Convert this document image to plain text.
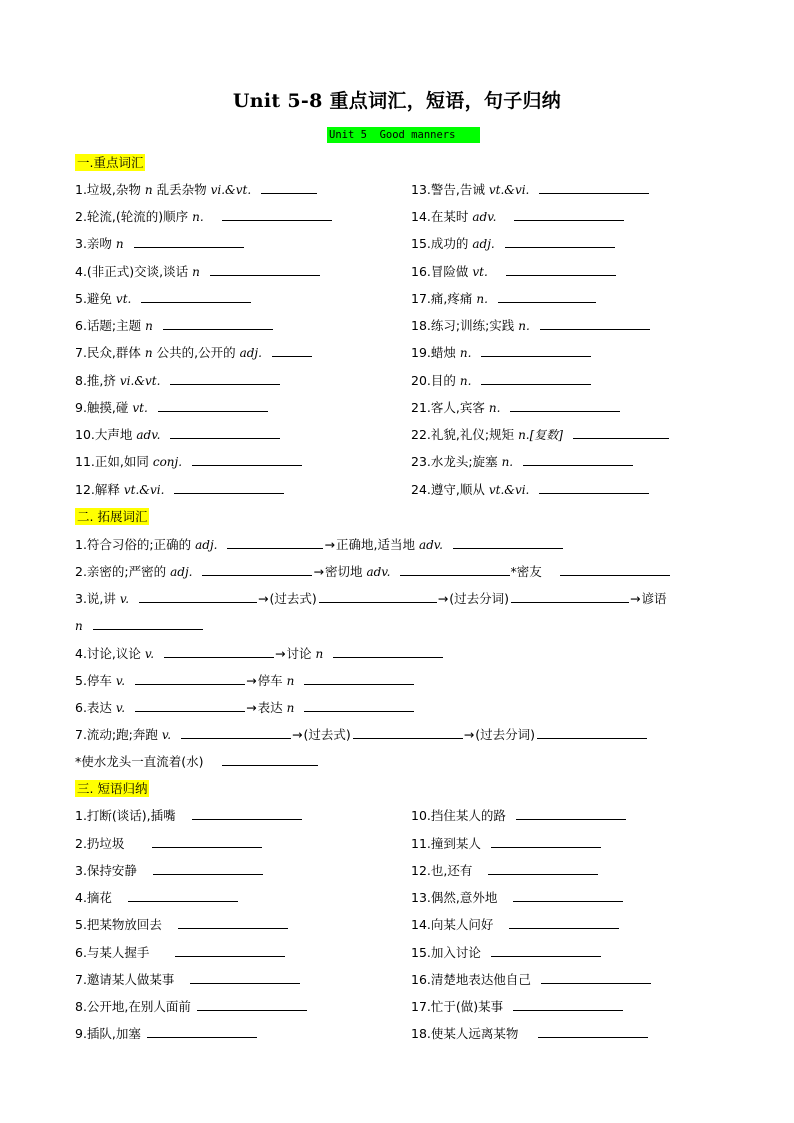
Unit 5-8 重点词汇，短语，句子归纳
Unit 5  Good manners
一.重点词汇
1.垃圾,杂物 n 乱丢杂物 vi.&vt.
2.轮流,(轮流的)顺序 n.
3.亲吻 n
4.(非正式)交谈,谈话 n
5.避免 vt.
6.话题;主题 n
7.民众,群体 n 公共的,公开的 adj.
8.推,挤 vi.&vt.
9.触摸,碰 vt.
10.大声地 adv.
11.正如,如同 conj.
12.解释 vt.&vi.
13.警告,告诫 vt.&vi.
14.在某时 adv.
15.成功的 adj.
16.冒险做 vt.
17.痛,疼痛 n.
18.练习;训练;实践 n.
19.蜡烛 n.
20.目的 n.
21.客人,宾客 n.
22.礼貌,礼仪;规矩 n.[复数]
23.水龙头;旋塞 n.
24.遵守,顺从 vt.&vi.
二. 拓展词汇
1.符合习俗的;正确的 adj.	→正确地,适当地 adv.
2.亲密的;严密的 adj.	→密切地 adv.	*密友
3.说,讲 v.	→(过去式)	→(过去分词)	→谚语
n
4.讨论,议论 v.	→讨论 n
5.停车 v.	→停车 n
6.表达 v.	→表达 n
7.流动;跑;奔跑 v.	→(过去式)	→(过去分词)
*使水龙头一直流着(水)
三. 短语归纳
1.打断(谈话),插嘴
2.扔垃圾
3.保持安静
4.摘花
5.把某物放回去
6.与某人握手
7.邀请某人做某事
8.公开地,在别人面前
9.插队,加塞
10.挡住某人的路
11.撞到某人
12.也,还有
13.偶然,意外地
14.向某人问好
15.加入讨论
16.清楚地表达他自己
17.忙于(做)某事
18.使某人远离某物
